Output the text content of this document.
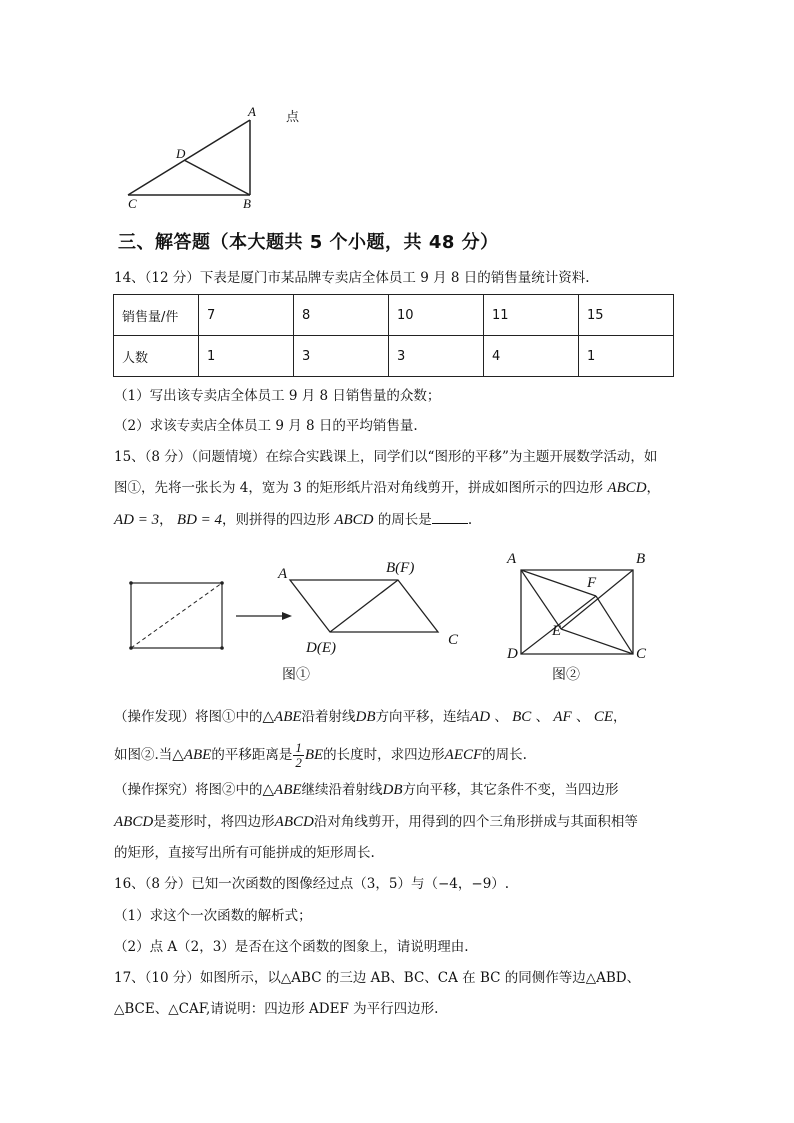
A
D
C	B
点
三、解答题（本大题共 5 个小题，共 48 分）
14、（12 分）下表是厦门市某品牌专卖店全体员工 9 月 8 日的销售量统计资料.
销售量/件	7	8	10	11	15
人数	1	3	3	4	1
（1）写出该专卖店全体员工 9 月 8 日销售量的众数；
（2）求该专卖店全体员工 9 月 8 日的平均销售量.
15、（8 分）（问题情境）在综合实践课上，同学们以“图形的平移”为主题开展数学活动，如
图①，先将一张长为 4，宽为 3 的矩形纸片沿对角线剪开，拼成如图所示的四边形 ABCD，
AD = 3， BD = 4，则拼得的四边形 ABCD 的周长是	.
A	B(F)
D(E)	C
图①
A	B
F
E
D	C
图②
（操作发现）将图①中的△ABE沿着射线DB方向平移，连结AD 、 BC 、 AF 、 CE，
如图②.当△ABE的平移距离是 $\frac{1}{2}$ BE的长度时，求四边形AECF的周长.
（操作探究）将图②中的△ABE继续沿着射线DB方向平移，其它条件不变，当四边形
ABCD是菱形时，将四边形ABCD沿对角线剪开，用得到的四个三角形拼成与其面积相等
的矩形，直接写出所有可能拼成的矩形周长.
16、（8 分）已知一次函数的图像经过点（3，5）与（−4，−9）.
（1）求这个一次函数的解析式；
（2）点 A（2，3）是否在这个函数的图象上，请说明理由.
17、（10 分）如图所示，以△ABC 的三边 AB、BC、CA 在 BC 的同侧作等边△ABD、
△BCE、△CAF,请说明：四边形 ADEF 为平行四边形.
